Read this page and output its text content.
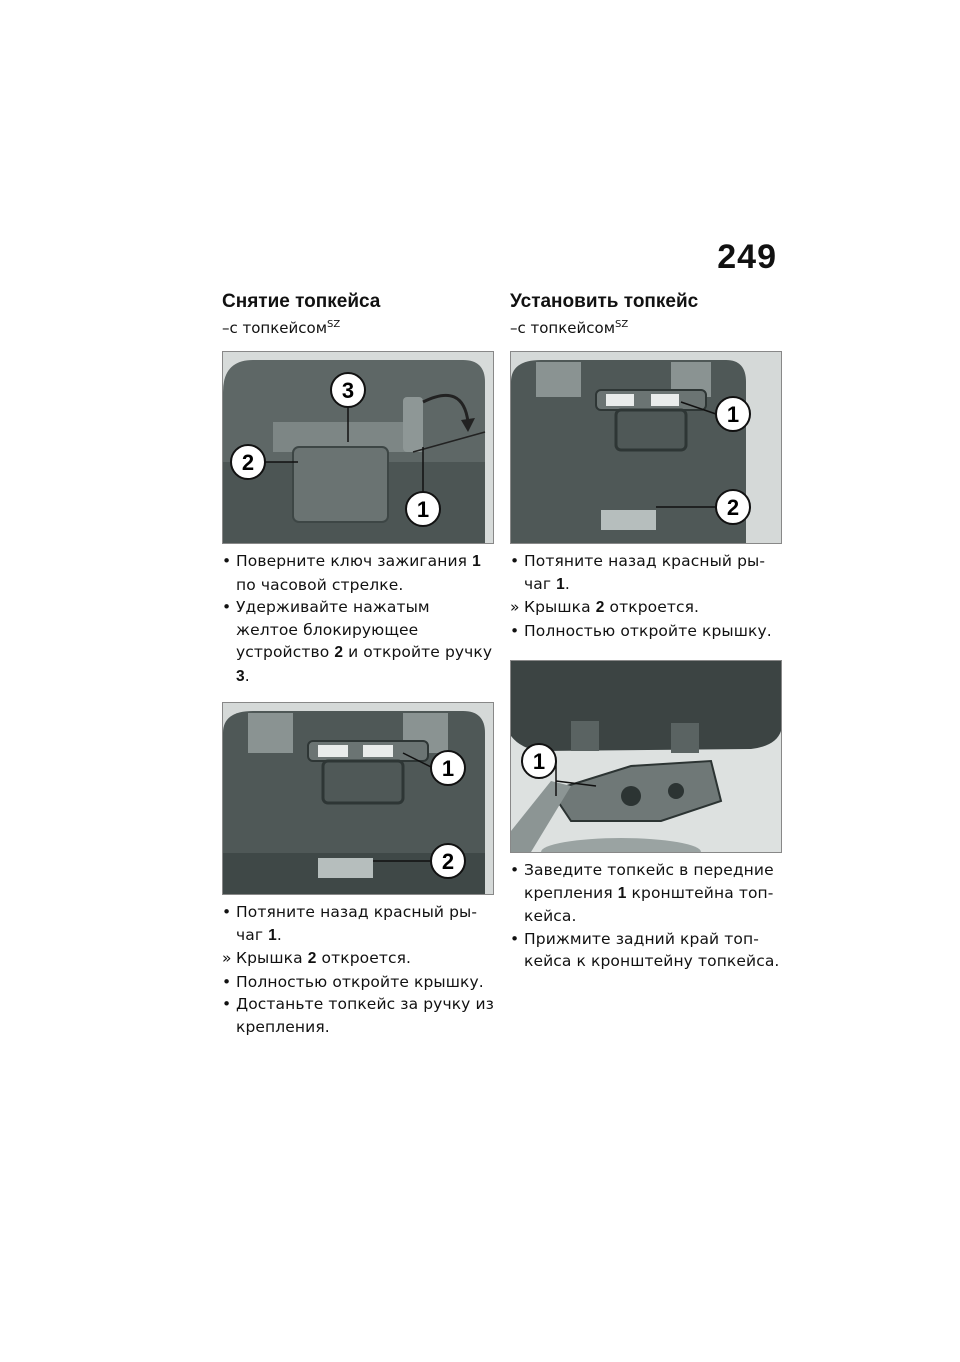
249
Снятие топкейса

–с топкейсом$^{SZ}$

3
2
1
• Поверните ключ зажигания 1 по часовой стрелке.
• Удерживайте нажатым желтое блокирующее устройство 2 и откройте ручку 3.
1
2
• Потяните назад красный ры-чаг 1.
» Крышка 2 откроется.
• Полностью откройте крышку.
• Достаньте топкейс за ручку из крепления.
Установить топкейс

–с топкейсом$^{SZ}$

1
2
• Потяните назад красный ры-чаг 1.
» Крышка 2 откроется.
• Полностью откройте крышку.
1
• Заведите топкейс в передние крепления 1 кронштейна топ-кейса.
• Прижмите задний край топ-кейса к кронштейну топкейса.
